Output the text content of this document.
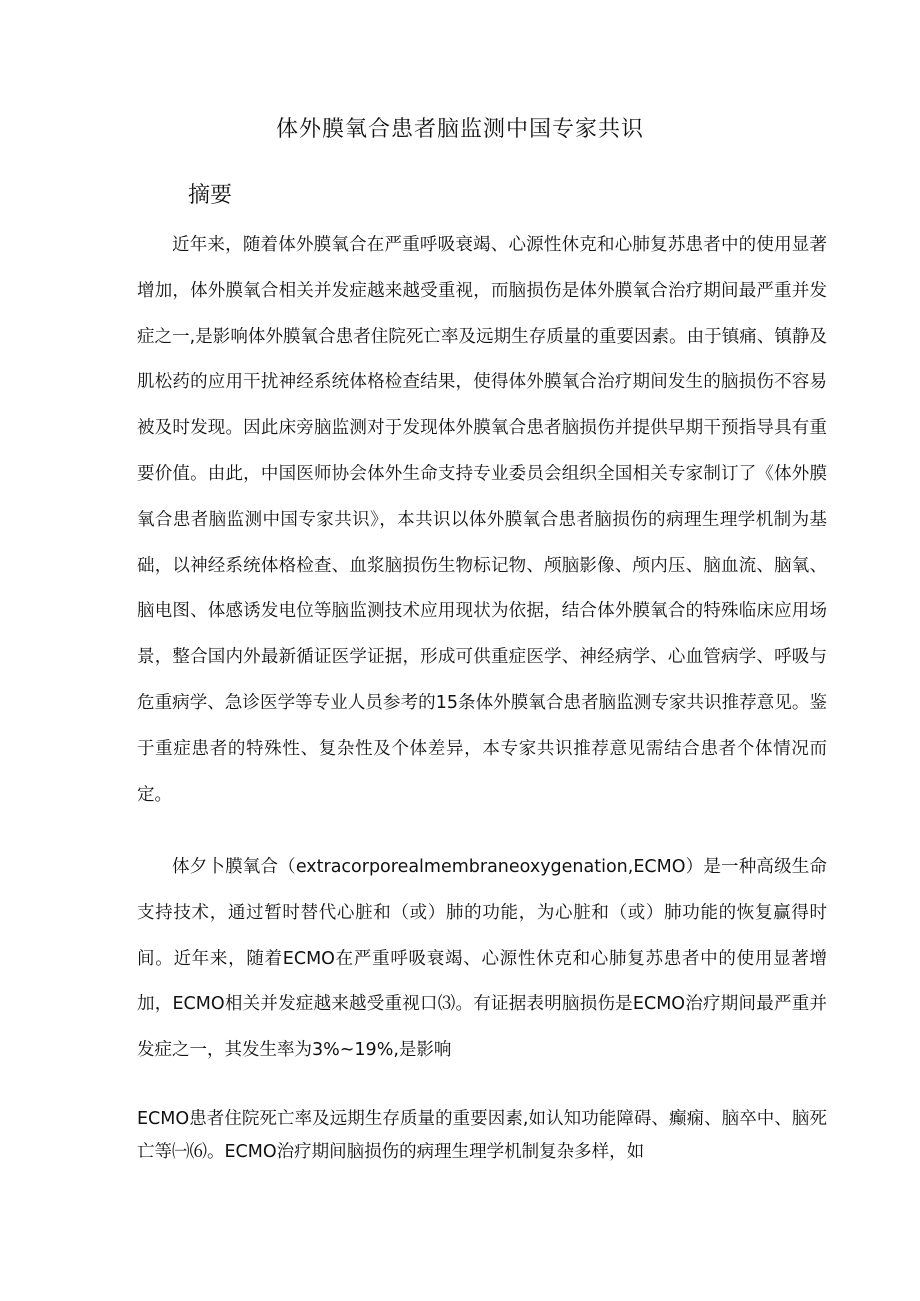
体外膜氧合患者脑监测中国专家共识
摘要

近年来，随着体外膜氧合在严重呼吸衰竭、心源性休克和心肺复苏患者中的使用显著增加，体外膜氧合相关并发症越来越受重视，而脑损伤是体外膜氧合治疗期间最严重并发症之一,是影响体外膜氧合患者住院死亡率及远期生存质量的重要因素。由于镇痛、镇静及肌松药的应用干扰神经系统体格检查结果，使得体外膜氧合治疗期间发生的脑损伤不容易被及时发现。因此床旁脑监测对于发现体外膜氧合患者脑损伤并提供早期干预指导具有重要价值。由此，中国医师协会体外生命支持专业委员会组织全国相关专家制订了《体外膜氧合患者脑监测中国专家共识》，本共识以体外膜氧合患者脑损伤的病理生理学机制为基础，以神经系统体格检查、血浆脑损伤生物标记物、颅脑影像、颅内压、脑血流、脑氧、脑电图、体感诱发电位等脑监测技术应用现状为依据，结合体外膜氧合的特殊临床应用场景，整合国内外最新循证医学证据，形成可供重症医学、神经病学、心血管病学、呼吸与危重病学、急诊医学等专业人员参考的15条体外膜氧合患者脑监测专家共识推荐意见。鉴于重症患者的特殊性、复杂性及个体差异，本专家共识推荐意见需结合患者个体情况而定。

体夕卜膜氧合（extracorporealmembraneoxygenation,ECMO）是一种高级生命支持技术，通过暂时替代心脏和（或）肺的功能，为心脏和（或）肺功能的恢复赢得时间。近年来，随着ECMO在严重呼吸衰竭、心源性休克和心肺复苏患者中的使用显著增加，ECMO相关并发症越来越受重视口⑶。有证据表明脑损伤是ECMO治疗期间最严重并发症之一，其发生率为3%~19%,是影响

ECMO患者住院死亡率及远期生存质量的重要因素,如认知功能障碍、癫痫、脑卒中、脑死亡等㈠⑹。ECMO治疗期间脑损伤的病理生理学机制复杂多样，如
